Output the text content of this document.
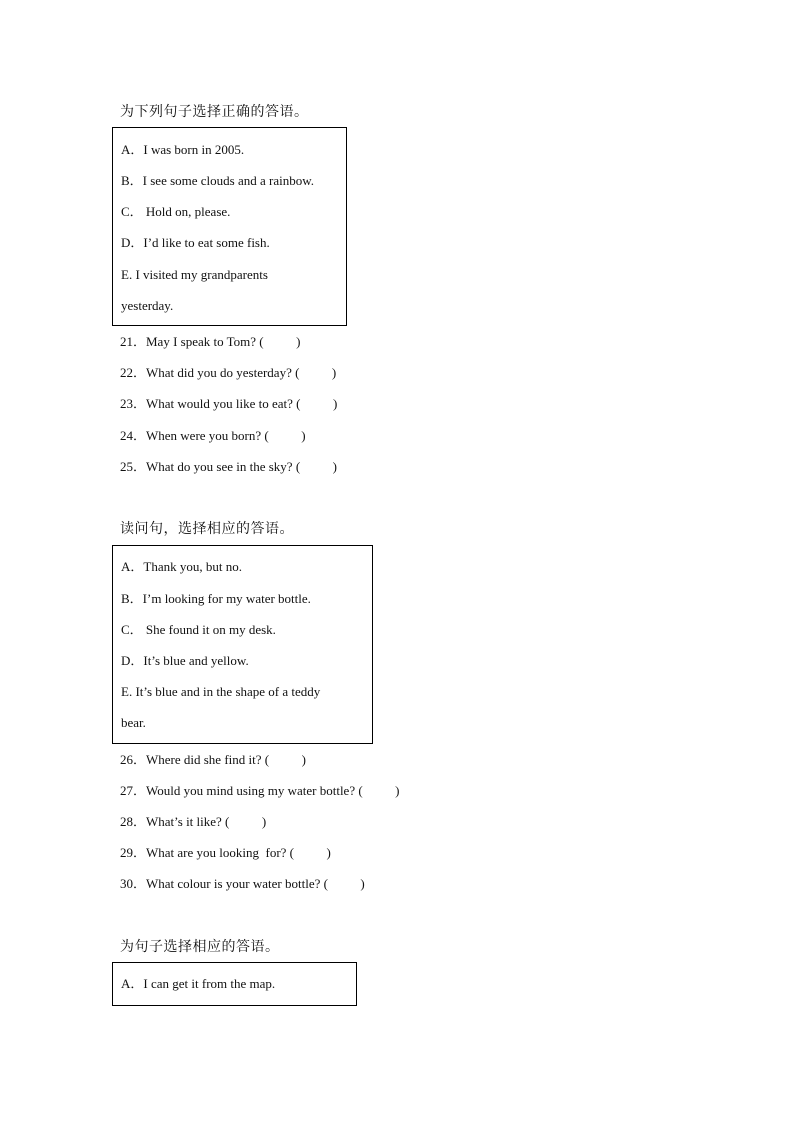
为下列句子选择正确的答语。
A．I was born in 2005.
B．I see some clouds and a rainbow.
C． Hold on, please.
D．I’d like to eat some fish.
E. I visited my grandparents
yesterday.
21．May I speak to Tom? (          )
22．What did you do yesterday? (          )
23．What would you like to eat? (          )
24．When were you born? (          )
25．What do you see in the sky? (          )
读问句，选择相应的答语。
A．Thank you, but no.
B．I’m looking for my water bottle.
C． She found it on my desk.
D．It’s blue and yellow.
E. It’s blue and in the shape of a teddy
bear.
26．Where did she find it? (          )
27．Would you mind using my water bottle? (          )
28．What’s it like? (          )
29．What are you looking  for? (          )
30．What colour is your water bottle? (          )
为句子选择相应的答语。
A．I can get it from the map.
